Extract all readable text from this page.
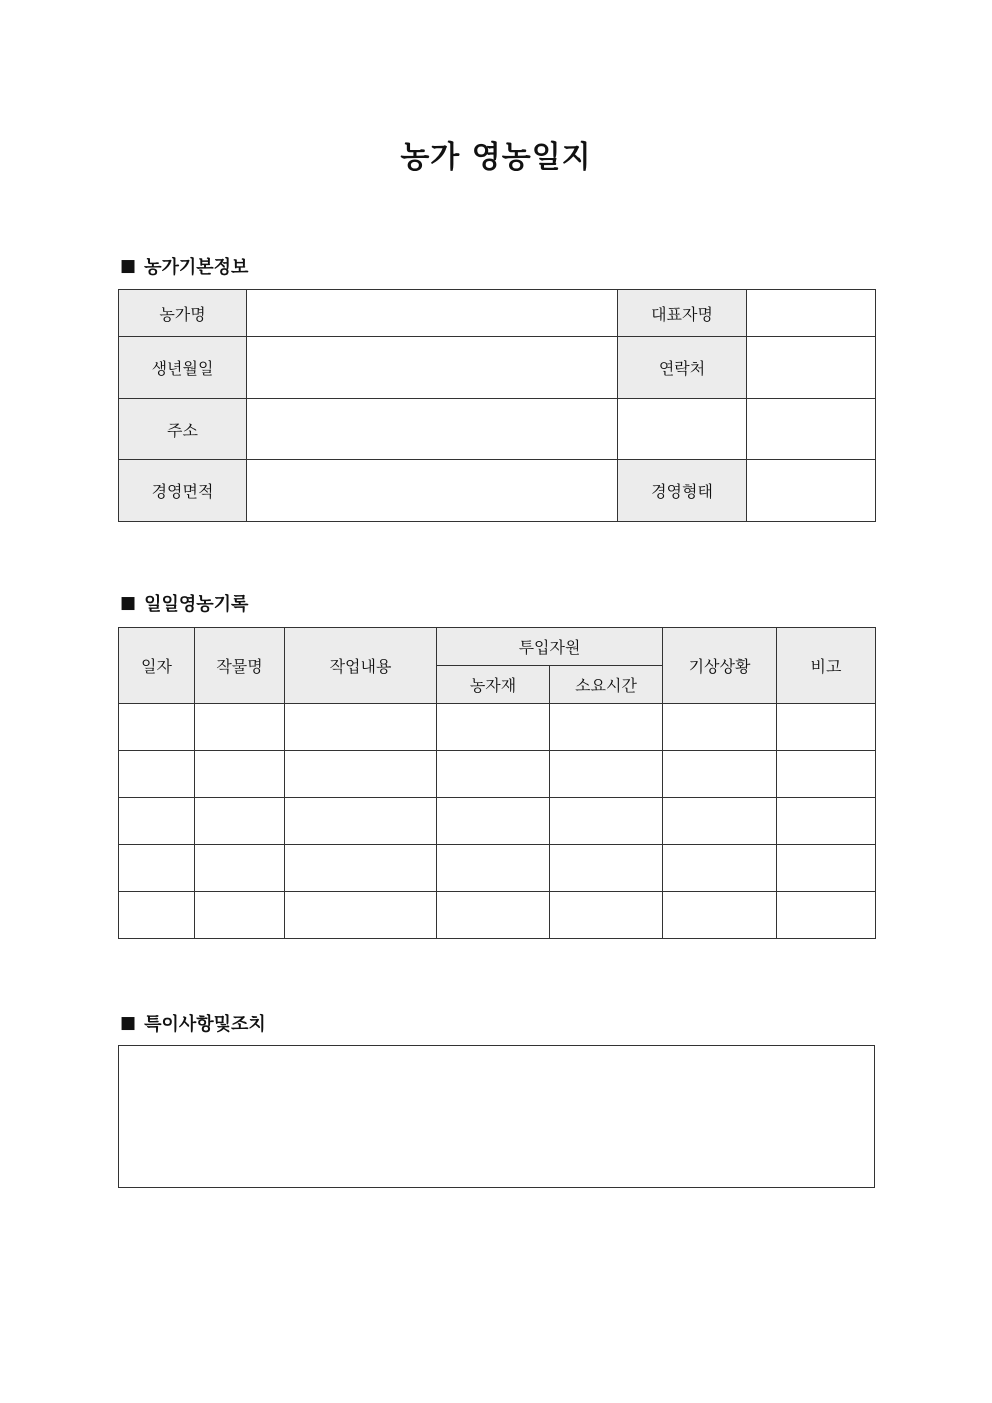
농가 영농일지
■ 농가기본정보
농가명		대표자명	
생년월일		연락처	
주소			
경영면적		경영형태	
■ 일일영농기록
일자	작물명	작업내용	투입자원		기상상황	비고
			농자재	소요시간		

■ 특이사항및조치
